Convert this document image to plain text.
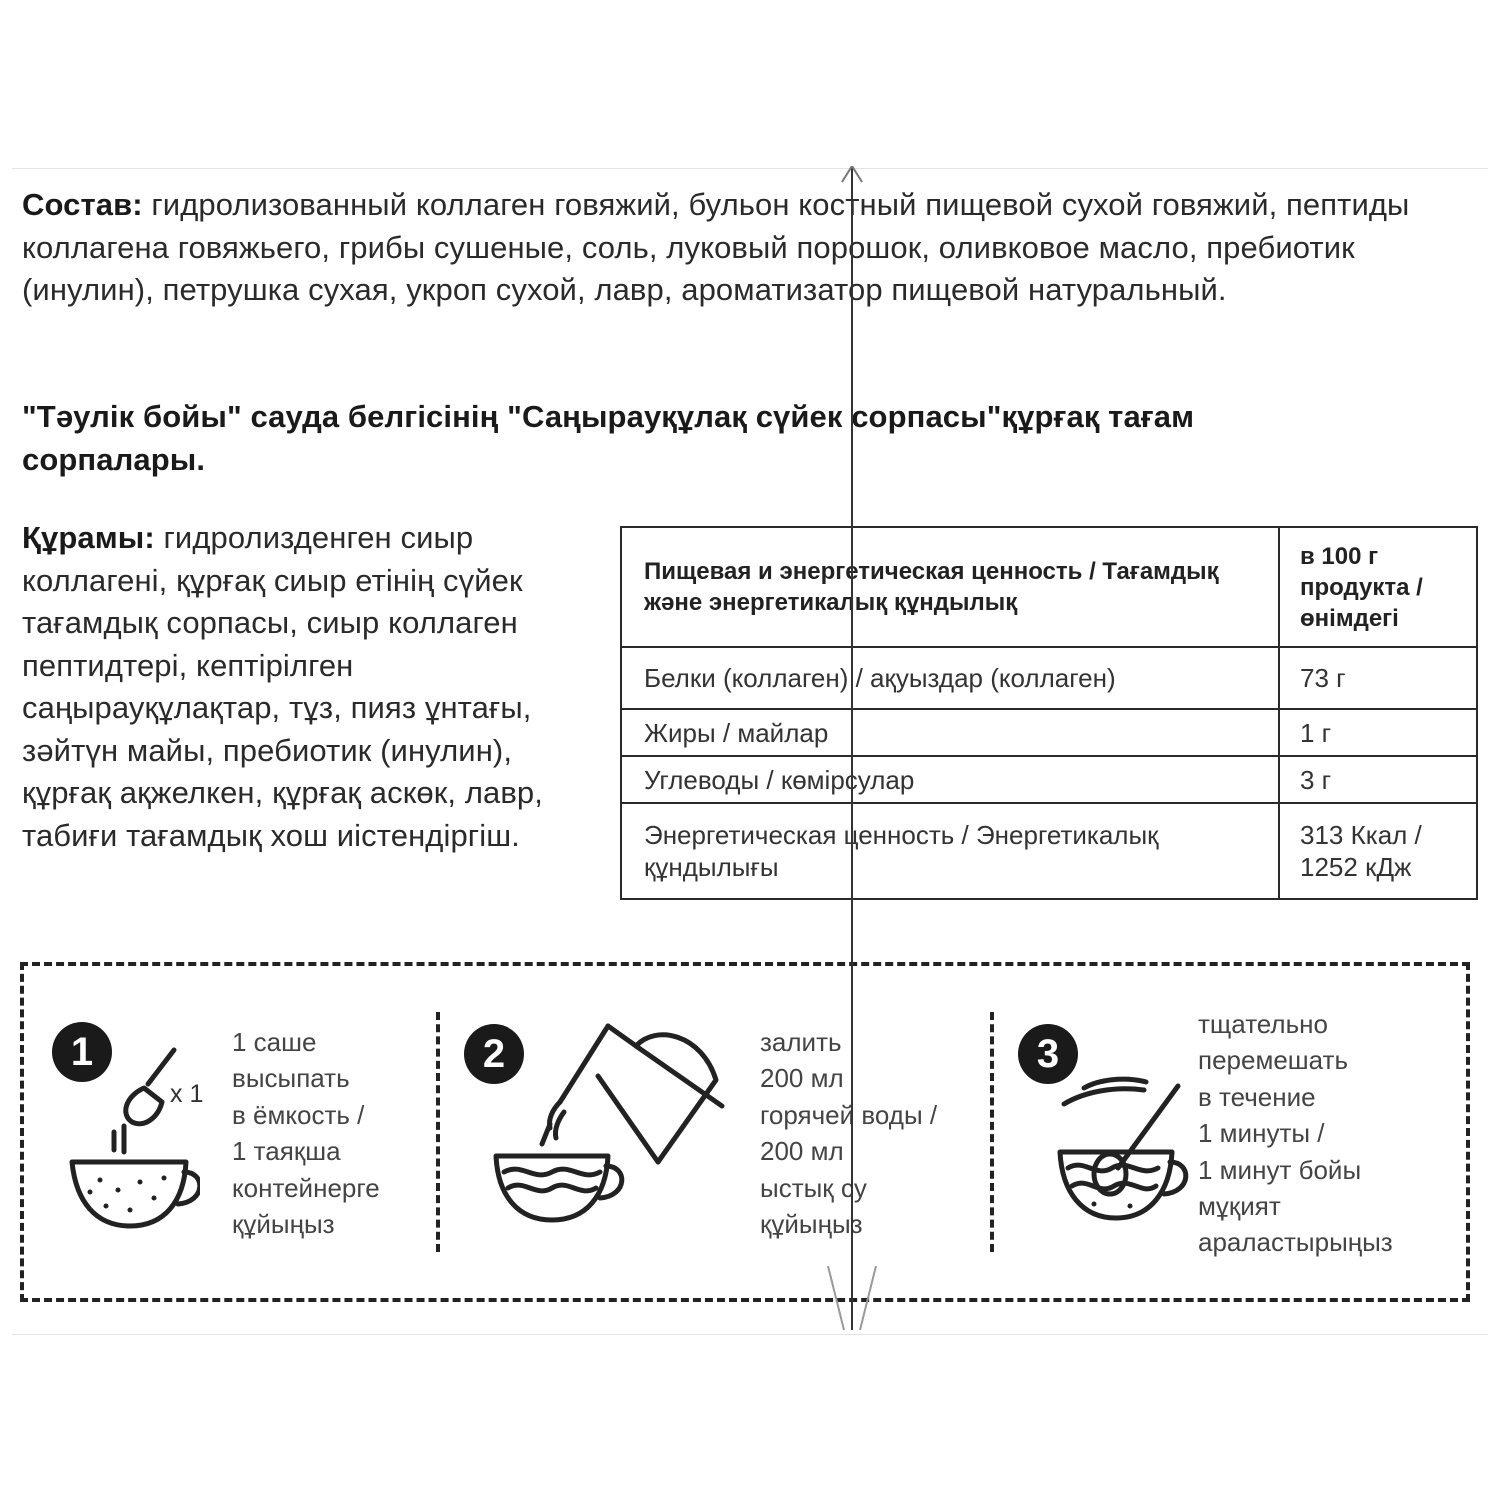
Состав: гидролизованный коллаген говяжий, бульон костный пищевой сухой говяжий, пептиды коллагена говяжьего, грибы сушеные, соль, луковый порошок, оливковое масло, пребиотик (инулин), петрушка сухая, укроп сухой, лавр, ароматизатор пищевой натуральный.

"Тәулік бойы" сауда белгісінің "Саңырауқұлақ сүйек сорпасы"құрғақ тағам сорпалары.

Құрамы: гидролизденген сиыр коллагені, құрғақ сиыр етінің сүйек тағамдық сорпасы, сиыр коллаген пептидтері, кептірілген саңырауқұлақтар, тұз, пияз ұнтағы, зәйтүн майы, пребиотик (инулин), құрғақ ақжелкен, құрғақ аскөк, лавр, табиғи тағамдық хош иістендіргіш.

Пищевая и энергетическая ценность / Тағамдық және энергетикалық құндылық	в 100 г продукта / өнімдегі
Белки (коллаген) / ақуыздар (коллаген)	73 г
Жиры / майлар	1 г
Углеводы / көмірсулар	3 г
Энергетическая ценность / Энергетикалық құндылығы	313 Ккал / 1252 кДж
1
x 1

1 саше
высыпать
в ёмкость /
1 таяқша
контейнерге
құйыңыз

2	залить
200 мл
горячей воды /
200 мл
ыстық су
құйыңыз

3

тщательно
перемешать
в течение
1 минуты /
1 минут бойы
мұқият
араластырыңыз
